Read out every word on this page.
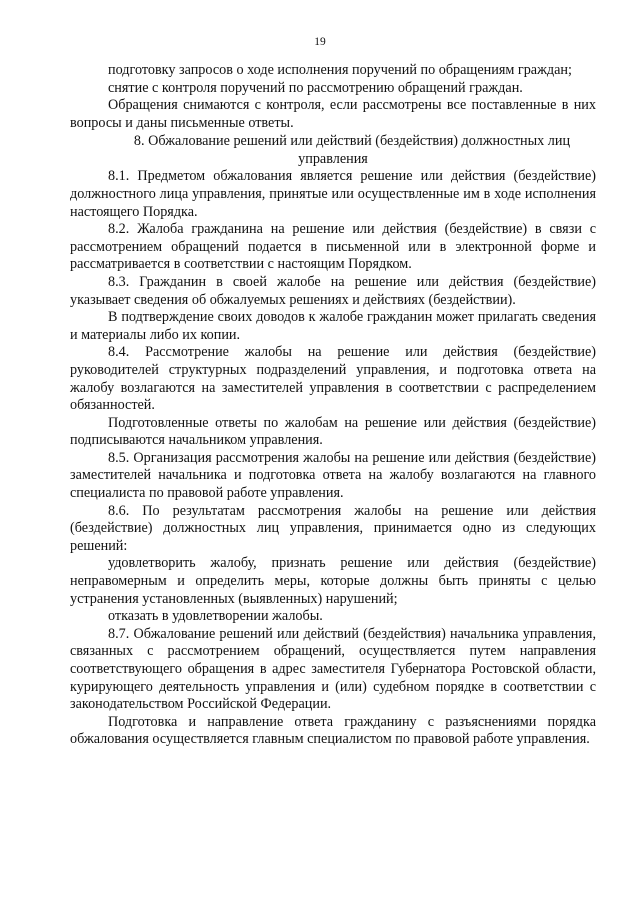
19

подготовку запросов о ходе исполнения поручений по обращениям граждан;

снятие с контроля поручений по рассмотрению обращений граждан.

Обращения снимаются с контроля, если рассмотрены все поставленные в них вопросы и даны письменные ответы.

8. Обжалование решений или действий (бездействия) должностных лиц управления

8.1. Предметом обжалования является решение или действия (бездействие) должностного лица управления, принятые или осуществленные им в ходе исполнения настоящего Порядка.

8.2. Жалоба гражданина на решение или действия (бездействие) в связи с рассмотрением обращений подается в письменной или в электронной форме и рассматривается в соответствии с настоящим Порядком.

8.3. Гражданин в своей жалобе на решение или действия (бездействие) указывает сведения об обжалуемых решениях и действиях (бездействии).

В подтверждение своих доводов к жалобе гражданин может прилагать сведения и материалы либо их копии.

8.4. Рассмотрение жалобы на решение или действия (бездействие) руководителей структурных подразделений управления, и подготовка ответа на жалобу возлагаются на заместителей управления в соответствии с распределением обязанностей.

Подготовленные ответы по жалобам на решение или действия (бездействие) подписываются начальником управления.

8.5. Организация рассмотрения жалобы на решение или действия (бездействие) заместителей начальника и подготовка ответа на жалобу возлагаются на главного специалиста по правовой работе управления.

8.6. По результатам рассмотрения жалобы на решение или действия (бездействие) должностных лиц управления, принимается одно из следующих решений:

удовлетворить жалобу, признать решение или действия (бездействие) неправомерным и определить меры, которые должны быть приняты с целью устранения установленных (выявленных) нарушений;

отказать в удовлетворении жалобы.

8.7. Обжалование решений или действий (бездействия) начальника управления, связанных с рассмотрением обращений, осуществляется путем направления соответствующего обращения в адрес заместителя Губернатора Ростовской области, курирующего деятельность управления и (или) судебном порядке в соответствии с законодательством Российской Федерации.

Подготовка и направление ответа гражданину с разъяснениями порядка обжалования осуществляется главным специалистом по правовой работе управления.
